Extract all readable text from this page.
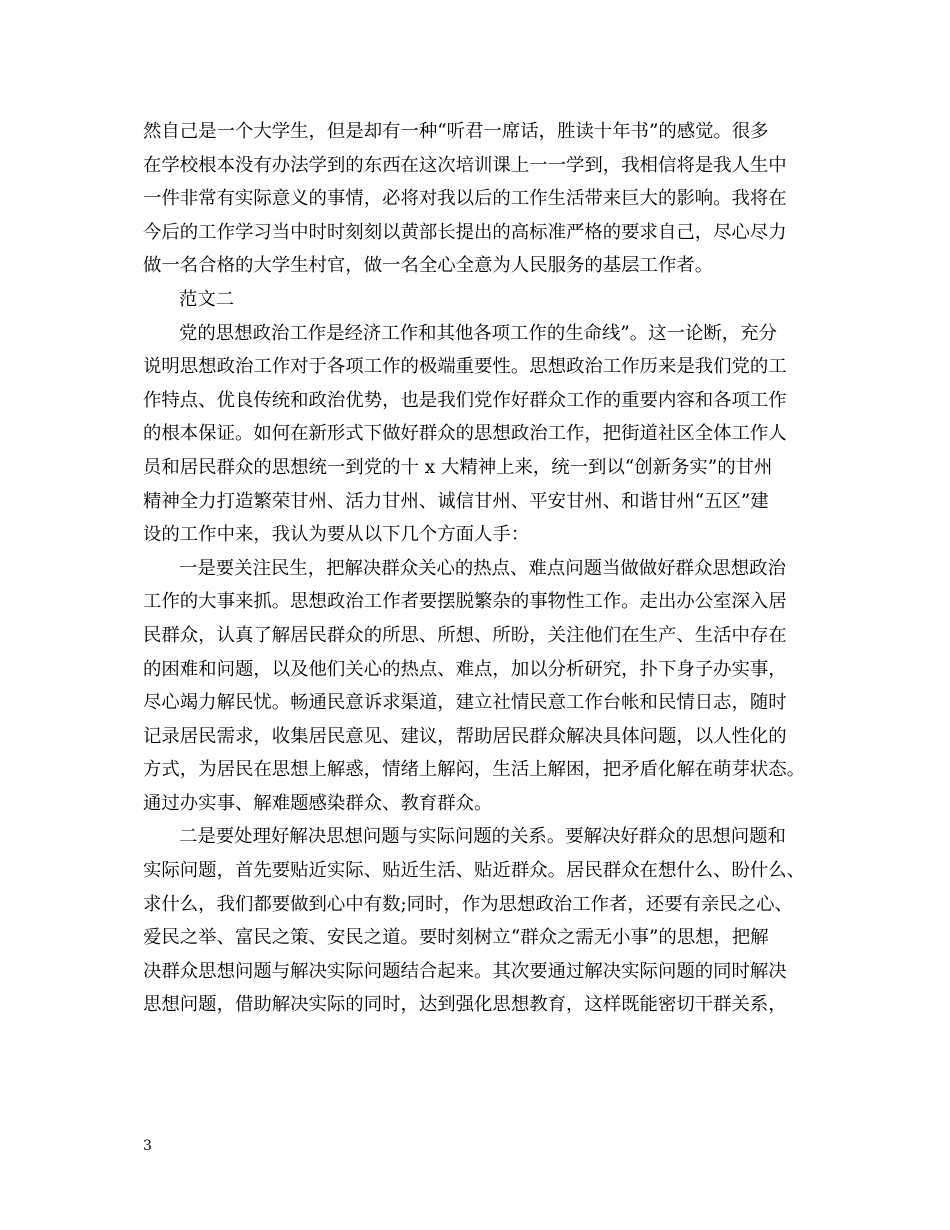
然自己是一个大学生，但是却有一种“听君一席话，胜读十年书”的感觉。很多
在学校根本没有办法学到的东西在这次培训课上一一学到，我相信将是我人生中
一件非常有实际意义的事情，必将对我以后的工作生活带来巨大的影响。我将在
今后的工作学习当中时时刻刻以黄部长提出的高标准严格的要求自己，尽心尽力
做一名合格的大学生村官，做一名全心全意为人民服务的基层工作者。
范文二
党的思想政治工作是经济工作和其他各项工作的生命线”。这一论断，充分
说明思想政治工作对于各项工作的极端重要性。思想政治工作历来是我们党的工
作特点、优良传统和政治优势，也是我们党作好群众工作的重要内容和各项工作
的根本保证。如何在新形式下做好群众的思想政治工作，把街道社区全体工作人
员和居民群众的思想统一到党的十 x 大精神上来，统一到以“创新务实”的甘州
精神全力打造繁荣甘州、活力甘州、诚信甘州、平安甘州、和谐甘州“五区”建
设的工作中来，我认为要从以下几个方面人手：
一是要关注民生，把解决群众关心的热点、难点问题当做做好群众思想政治
工作的大事来抓。思想政治工作者要摆脱繁杂的事物性工作。走出办公室深入居
民群众，认真了解居民群众的所思、所想、所盼，关注他们在生产、生活中存在
的困难和问题，以及他们关心的热点、难点，加以分析研究，扑下身子办实事，
尽心竭力解民忧。畅通民意诉求渠道，建立社情民意工作台帐和民情日志，随时
记录居民需求，收集居民意见、建议，帮助居民群众解决具体问题，以人性化的
方式，为居民在思想上解惑，情绪上解闷，生活上解困，把矛盾化解在萌芽状态。
通过办实事、解难题感染群众、教育群众。
二是要处理好解决思想问题与实际问题的关系。要解决好群众的思想问题和
实际问题，首先要贴近实际、贴近生活、贴近群众。居民群众在想什么、盼什么、
求什么，我们都要做到心中有数;同时，作为思想政治工作者，还要有亲民之心、
爱民之举、富民之策、安民之道。要时刻树立“群众之需无小事”的思想，把解
决群众思想问题与解决实际问题结合起来。其次要通过解决实际问题的同时解决
思想问题，借助解决实际的同时，达到强化思想教育，这样既能密切干群关系，
3
